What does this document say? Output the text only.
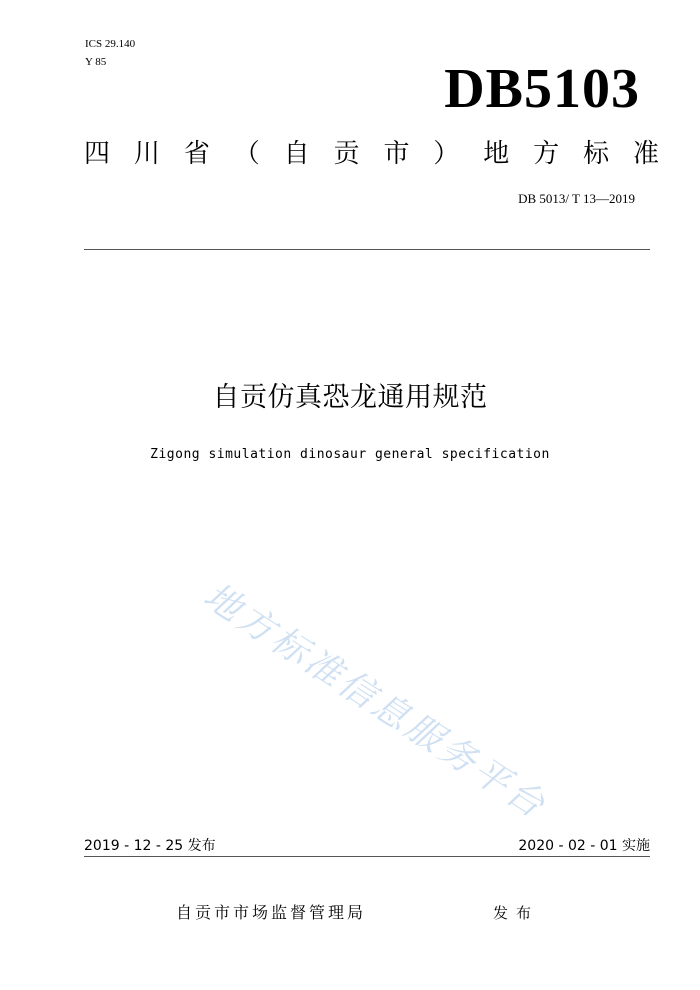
ICS 29.140
Y 85	DB5103
四 川 省 （ 自 贡 市 ） 地 方 标 准
DB 5013/ T 13—2019
自贡仿真恐龙通用规范
Zigong simulation dinosaur general specification
地方标准信息服务平台
2019 - 12 - 25 发布	2020 - 02 - 01 实施
自贡市市场监督管理局	发布
